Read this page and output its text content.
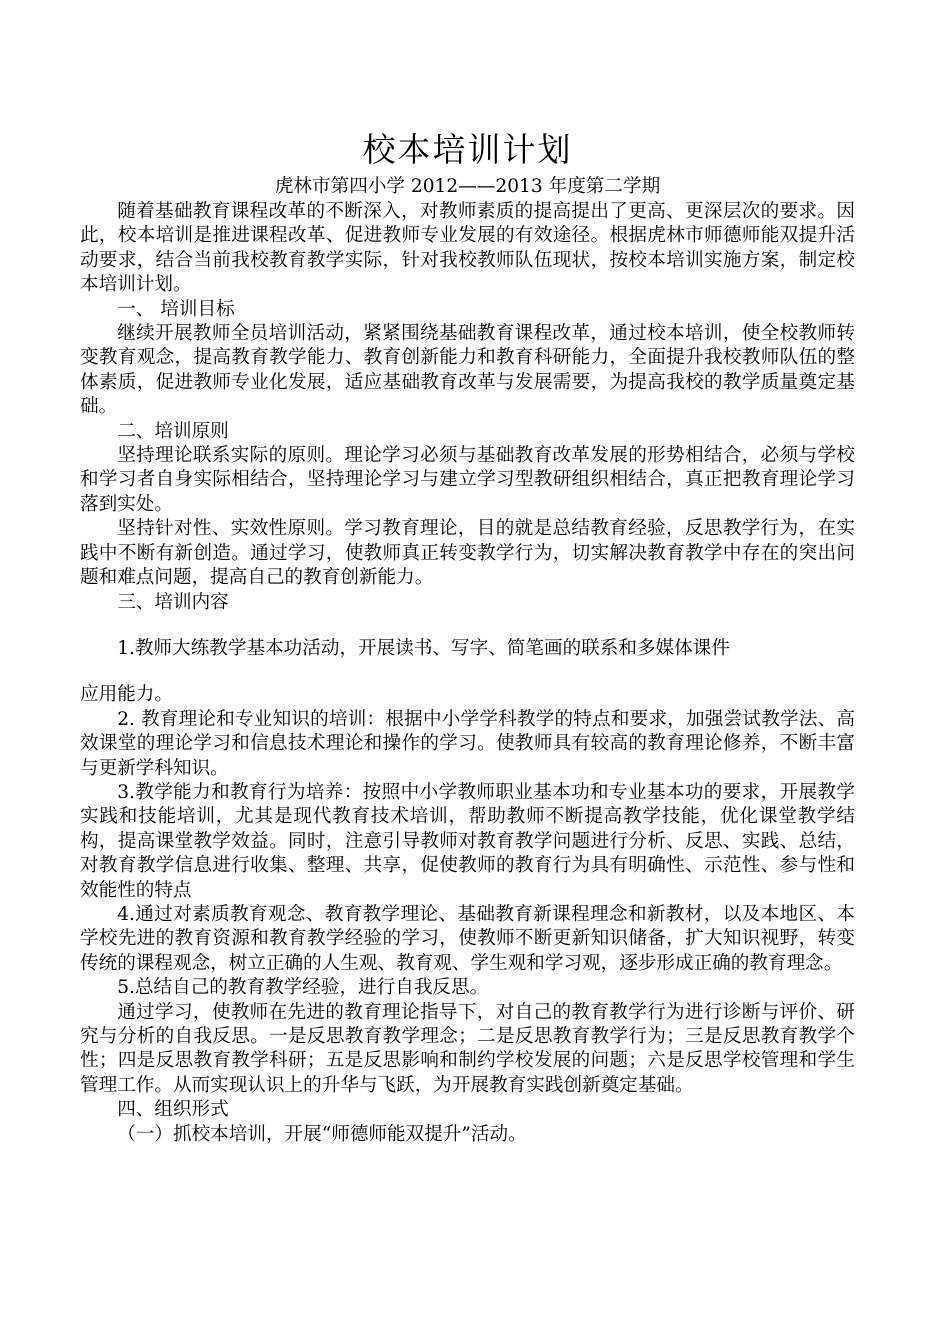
校本培训计划
虎林市第四小学 2012——2013 年度第二学期

随着基础教育课程改革的不断深入，对教师素质的提高提出了更高、更深层次的要求。因此，校本培训是推进课程改革、促进教师专业发展的有效途径。根据虎林市师德师能双提升活动要求，结合当前我校教育教学实际，针对我校教师队伍现状，按校本培训实施方案，制定校本培训计划。

一、 培训目标

继续开展教师全员培训活动，紧紧围绕基础教育课程改革，通过校本培训，使全校教师转变教育观念，提高教育教学能力、教育创新能力和教育科研能力，全面提升我校教师队伍的整体素质，促进教师专业化发展，适应基础教育改革与发展需要，为提高我校的教学质量奠定基础。

二、培训原则

坚持理论联系实际的原则。理论学习必须与基础教育改革发展的形势相结合，必须与学校和学习者自身实际相结合，坚持理论学习与建立学习型教研组织相结合，真正把教育理论学习落到实处。

坚持针对性、实效性原则。学习教育理论，目的就是总结教育经验，反思教学行为，在实践中不断有新创造。通过学习，使教师真正转变教学行为，切实解决教育教学中存在的突出问题和难点问题，提高自己的教育创新能力。

三、培训内容

1.教师大练教学基本功活动，开展读书、写字、简笔画的联系和多媒体课件

应用能力。

2. 教育理论和专业知识的培训：根据中小学学科教学的特点和要求，加强尝试教学法、高效课堂的理论学习和信息技术理论和操作的学习。使教师具有较高的教育理论修养，不断丰富与更新学科知识。

3.教学能力和教育行为培养：按照中小学教师职业基本功和专业基本功的要求，开展教学实践和技能培训，尤其是现代教育技术培训，帮助教师不断提高教学技能，优化课堂教学结构，提高课堂教学效益。同时，注意引导教师对教育教学问题进行分析、反思、实践、总结，对教育教学信息进行收集、整理、共享，促使教师的教育行为具有明确性、示范性、参与性和效能性的特点

4.通过对素质教育观念、教育教学理论、基础教育新课程理念和新教材，以及本地区、本学校先进的教育资源和教育教学经验的学习，使教师不断更新知识储备，扩大知识视野，转变传统的课程观念，树立正确的人生观、教育观、学生观和学习观，逐步形成正确的教育理念。

5.总结自己的教育教学经验，进行自我反思。

通过学习，使教师在先进的教育理论指导下，对自己的教育教学行为进行诊断与评价、研究与分析的自我反思。一是反思教育教学理念；二是反思教育教学行为；三是反思教育教学个性；四是反思教育教学科研；五是反思影响和制约学校发展的问题；六是反思学校管理和学生管理工作。从而实现认识上的升华与飞跃，为开展教育实践创新奠定基础。

四、组织形式

（一）抓校本培训，开展“师德师能双提升”活动。
